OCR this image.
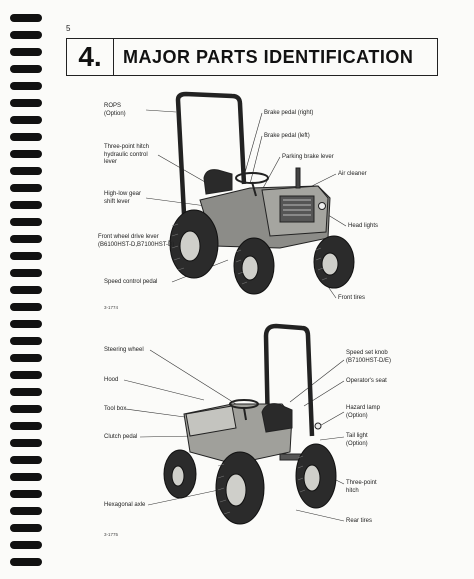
5
4.	MAJOR PARTS IDENTIFICATION
ROPS
(Option)
Three-point hitch
hydraulic control
lever
High-low gear
shift lever
Front wheel drive lever
(B6100HST-D,B7100HST-D)
Speed control pedal
Brake pedal (right)
Brake pedal (left)
Parking brake lever
Air cleaner
Head lights
Front tires
3-1774
Steering wheel
Hood
Tool box
Clutch pedal
Hexagonal axle
Speed set knob
(B7100HST-D/E)
Operator's seat
Hazard lamp
(Option)
Tail light
(Option)
Three-point
hitch
Rear tires
3-1775
